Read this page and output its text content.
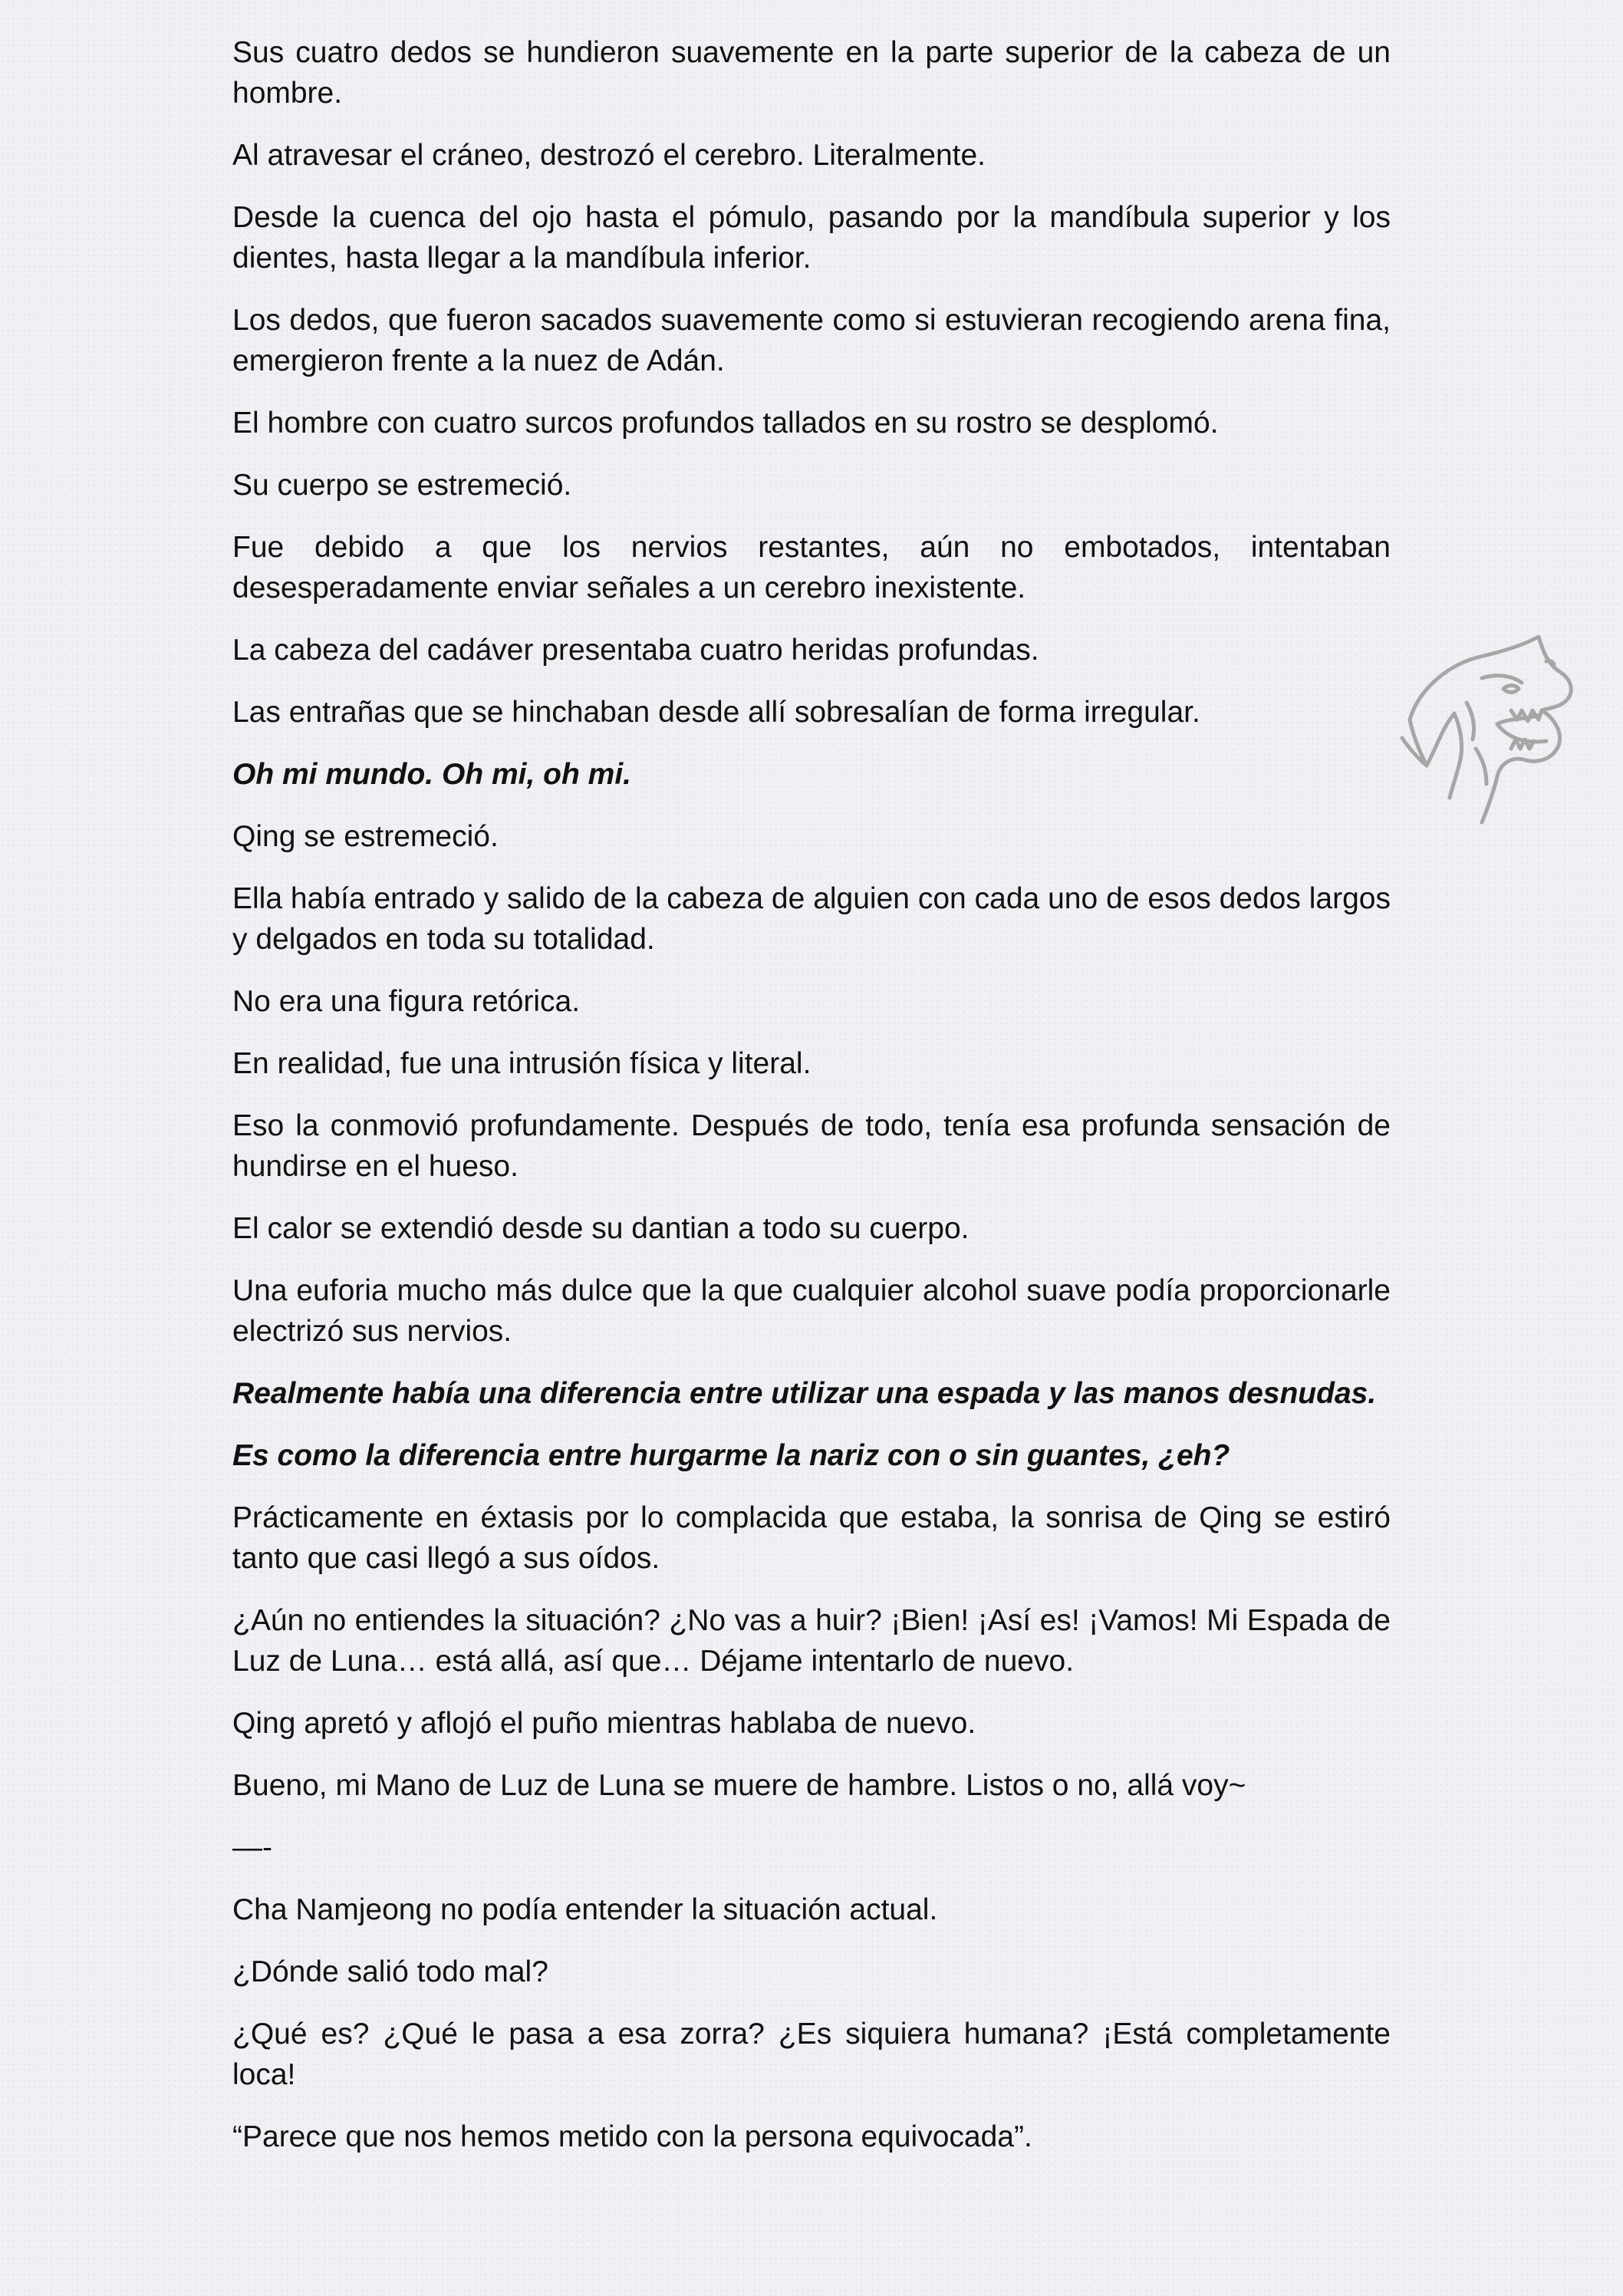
Sus cuatro dedos se hundieron suavemente en la parte superior de la cabeza de un hombre.

Al atravesar el cráneo, destrozó el cerebro. Literalmente.

Desde la cuenca del ojo hasta el pómulo, pasando por la mandíbula superior y los dientes, hasta llegar a la mandíbula inferior.

Los dedos, que fueron sacados suavemente como si estuvieran recogiendo arena fina, emergieron frente a la nuez de Adán.

El hombre con cuatro surcos profundos tallados en su rostro se desplomó.

Su cuerpo se estremeció.

Fue debido a que los nervios restantes, aún no embotados, intentaban desesperadamente enviar señales a un cerebro inexistente.

La cabeza del cadáver presentaba cuatro heridas profundas.

Las entrañas que se hinchaban desde allí sobresalían de forma irregular.

Oh mi mundo. Oh mi, oh mi.

Qing se estremeció.

Ella había entrado y salido de la cabeza de alguien con cada uno de esos dedos largos y delgados en toda su totalidad.

No era una figura retórica.

En realidad, fue una intrusión física y literal.

Eso la conmovió profundamente. Después de todo, tenía esa profunda sensación de hundirse en el hueso.

El calor se extendió desde su dantian a todo su cuerpo.

Una euforia mucho más dulce que la que cualquier alcohol suave podía proporcionarle electrizó sus nervios.

Realmente había una diferencia entre utilizar una espada y las manos desnudas.

Es como la diferencia entre hurgarme la nariz con o sin guantes, ¿eh?

Prácticamente en éxtasis por lo complacida que estaba, la sonrisa de Qing se estiró tanto que casi llegó a sus oídos.

¿Aún no entiendes la situación? ¿No vas a huir? ¡Bien! ¡Así es! ¡Vamos! Mi Espada de Luz de Luna… está allá, así que… Déjame intentarlo de nuevo.

Qing apretó y aflojó el puño mientras hablaba de nuevo.

Bueno, mi Mano de Luz de Luna se muere de hambre. Listos o no, allá voy~

—-

Cha Namjeong no podía entender la situación actual.

¿Dónde salió todo mal?

¿Qué es? ¿Qué le pasa a esa zorra? ¿Es siquiera humana? ¡Está completamente loca!

“Parece que nos hemos metido con la persona equivocada”.
